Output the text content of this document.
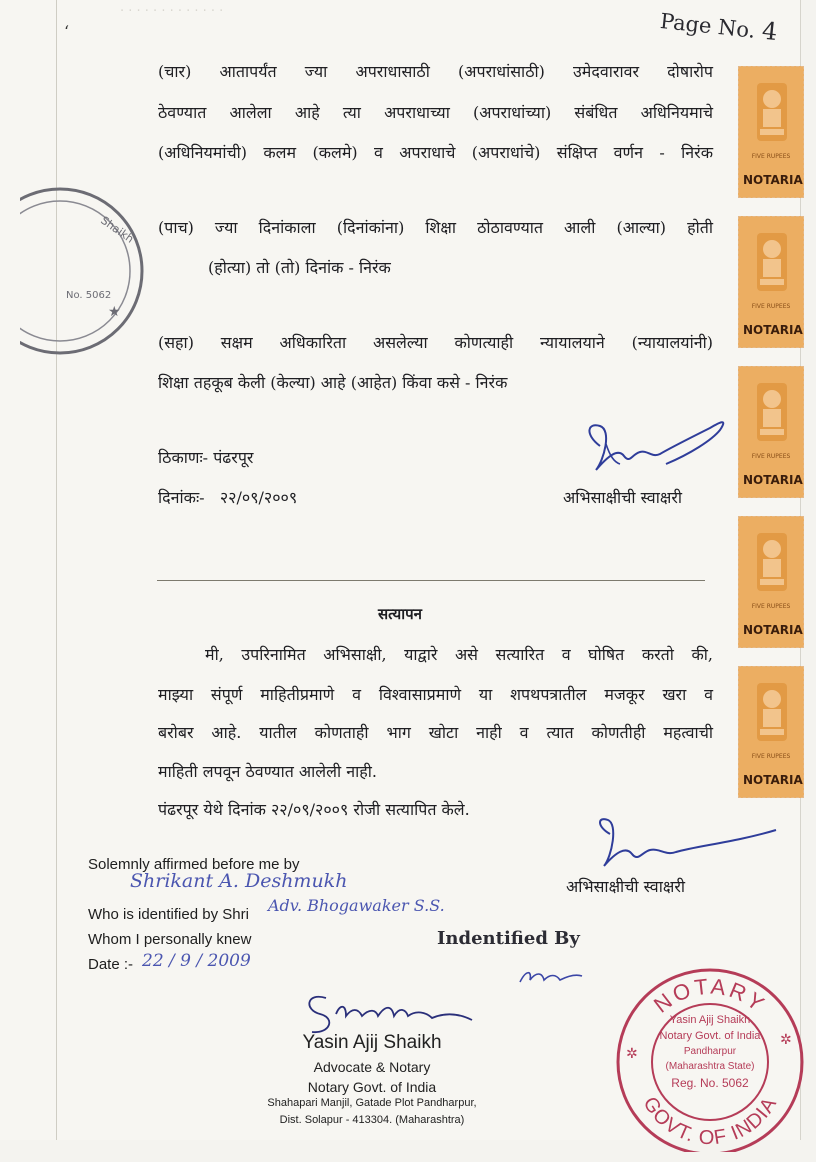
· · · · · · · · · · · · ·	Page No. 4
‘
(चार) आतापर्यंत ज्या अपराधासाठी (अपराधांसाठी) उमेदवारावर दोषारोप
ठेवण्यात आलेला आहे त्या अपराधाच्या (अपराधांच्या) संबंधित अधिनियमाचे
(अधिनियमांची) कलम (कलमे) व अपराधाचे (अपराधांचे) संक्षिप्त वर्णन - निरंक
(पाच) ज्या दिनांकाला (दिनांकांना) शिक्षा ठोठावण्यात आली (आल्या) होती
(होत्या) तो (तो) दिनांक - निरंक
(सहा) सक्षम अधिकारिता असलेल्या कोणत्याही न्यायालयाने (न्यायालयांनी)
शिक्षा तहकूब केली (केल्या) आहे (आहेत) किंवा कसे - निरंक
ठिकाणः- पंढरपूर
दिनांकः- २२/०९/२००९	अभिसाक्षीची स्वाक्षरी
सत्यापन
मी, उपरिनामित अभिसाक्षी, याद्वारे असे सत्यारित व घोषित करतो की,
माझ्या संपूर्ण माहितीप्रमाणे व विश्वासाप्रमाणे या शपथपत्रातील मजकूर खरा व
बरोबर आहे. यातील कोणताही भाग खोटा नाही व त्यात कोणतीही महत्वाची
माहिती लपवून ठेवण्यात आलेली नाही.
पंढरपूर येथे दिनांक २२/०९/२००९ रोजी सत्यापित केले.
अभिसाक्षीची स्वाक्षरी
Solemnly affirmed before me by
Shrikant A. Deshmukh
Who is identified by Shri Adv. Bhogawaker S.S.
Whom I personally knew
Date :- 22 / 9 / 2009
Indentified By
Yasin Ajij Shaikh
Advocate & Notary
Notary Govt. of India
Shahapari Manjil, Gatade Plot Pandharpur,
Dist. Solapur - 413304. (Maharashtra)
Shaikh
No. 5062
★
FIVE RUPEES
NOTARIA
FIVE RUPEES
NOTARIA
FIVE RUPEES
NOTARIA
FIVE RUPEES
NOTARIA
FIVE RUPEES
NOTARIA
NOTARY
GOVT. OF INDIA
✲
✲
Yasin Ajij Shaikh
Notary Govt. of India
Pandharpur
(Maharashtra State)
Reg. No. 5062
